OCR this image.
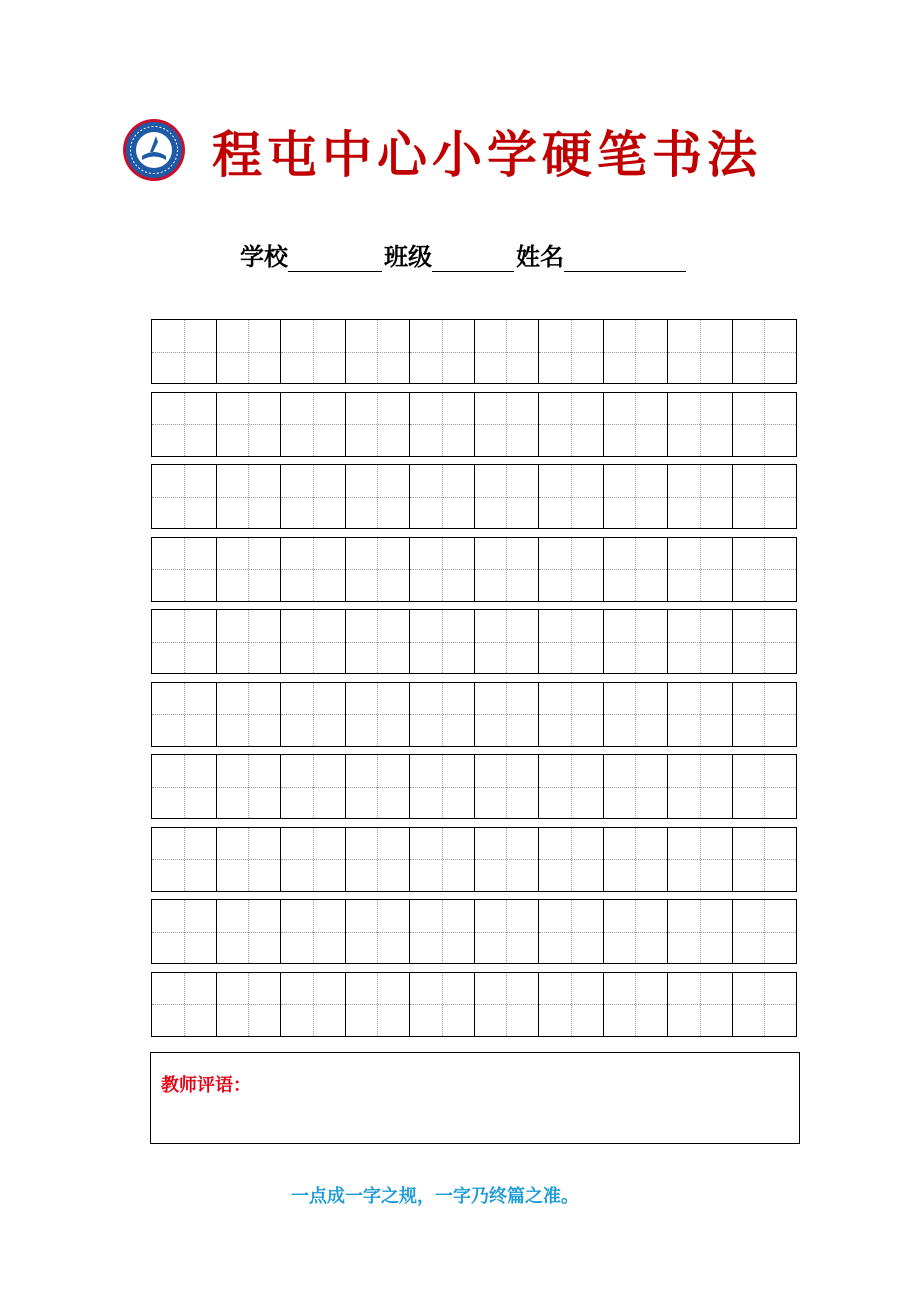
程屯中心小学硬笔书法
学校	班级	姓名
教师评语：
一点成一字之规，一字乃终篇之准。
